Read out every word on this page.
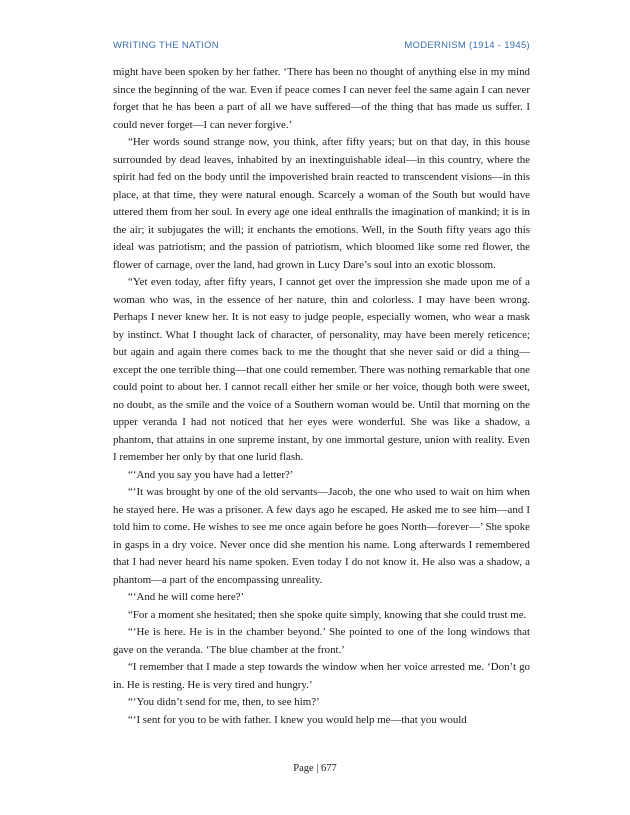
WRITING THE NATION	MODERNISM (1914 - 1945)

might have been spoken by her father. ‘There has been no thought of anything else in my mind since the beginning of the war. Even if peace comes I can never feel the same again I can never forget that he has been a part of all we have suffered—of the thing that has made us suffer. I could never forget—I can never forgive.’

“Her words sound strange now, you think, after fifty years; but on that day, in this house surrounded by dead leaves, inhabited by an inextinguishable ideal—in this country, where the spirit had fed on the body until the impoverished brain reacted to transcendent visions—in this place, at that time, they were natural enough. Scarcely a woman of the South but would have uttered them from her soul. In every age one ideal enthralls the imagination of mankind; it is in the air; it subjugates the will; it enchants the emotions. Well, in the South fifty years ago this ideal was patriotism; and the passion of patriotism, which bloomed like some red flower, the flower of carnage, over the land, had grown in Lucy Dare’s soul into an exotic blossom.

“Yet even today, after fifty years, I cannot get over the impression she made upon me of a woman who was, in the essence of her nature, thin and colorless. I may have been wrong. Perhaps I never knew her. It is not easy to judge people, especially women, who wear a mask by instinct. What I thought lack of character, of personality, may have been merely reticence; but again and again there comes back to me the thought that she never said or did a thing—except the one terrible thing—that one could remember. There was nothing remarkable that one could point to about her. I cannot recall either her smile or her voice, though both were sweet, no doubt, as the smile and the voice of a Southern woman would be. Until that morning on the upper veranda I had not noticed that her eyes were wonderful. She was like a shadow, a phantom, that attains in one supreme instant, by one immortal gesture, union with reality. Even I remember her only by that one lurid flash.

“‘And you say you have had a letter?’

“‘It was brought by one of the old servants—Jacob, the one who used to wait on him when he stayed here. He was a prisoner. A few days ago he escaped. He asked me to see him—and I told him to come. He wishes to see me once again before he goes North—forever—’ She spoke in gasps in a dry voice. Never once did she mention his name. Long afterwards I remembered that I had never heard his name spoken. Even today I do not know it. He also was a shadow, a phantom—a part of the encompassing unreality.

“‘And he will come here?’

“For a moment she hesitated; then she spoke quite simply, knowing that she could trust me.

“‘He is here. He is in the chamber beyond.’ She pointed to one of the long windows that gave on the veranda. ‘The blue chamber at the front.’

“I remember that I made a step towards the window when her voice arrested me. ‘Don’t go in. He is resting. He is very tired and hungry.’

“‘You didn’t send for me, then, to see him?’

“‘I sent for you to be with father. I knew you would help me—that you would

Page | 677
